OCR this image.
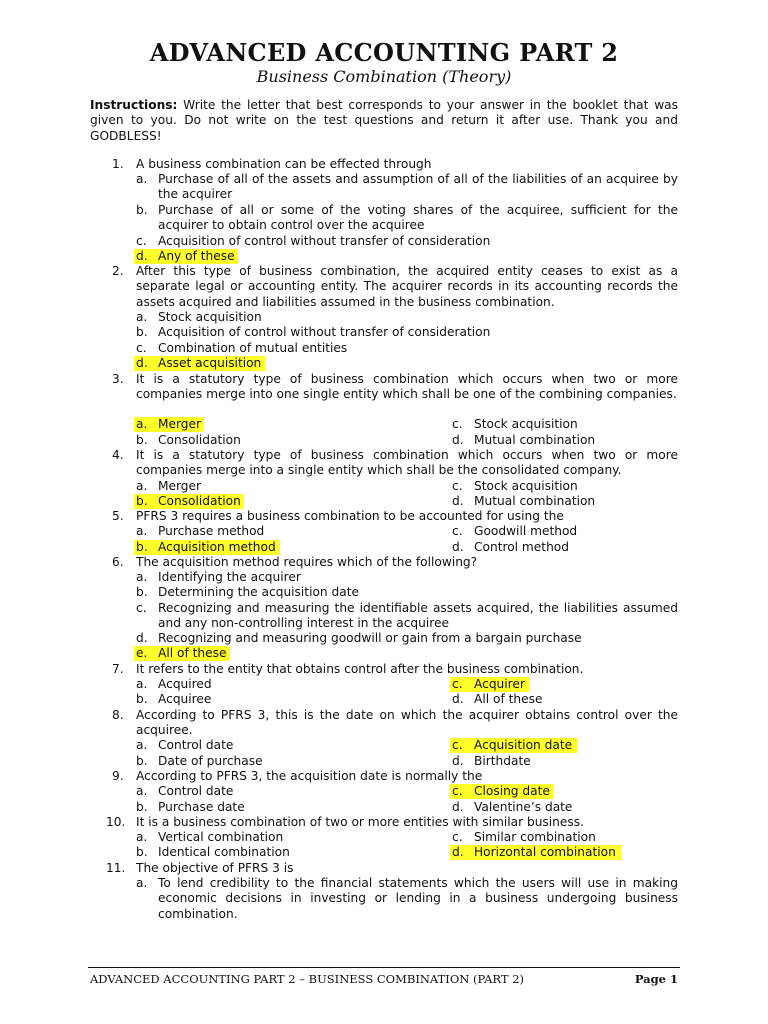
ADVANCED ACCOUNTING PART 2
Business Combination (Theory)
Instructions: Write the letter that best corresponds to your answer in the booklet that was given to you. Do not write on the test questions and return it after use. Thank you and GODBLESS!
1.	A business combination can be effected through
a. Purchase of all of the assets and assumption of all of the liabilities of an acquiree by the acquirer
b. Purchase of all or some of the voting shares of the acquiree, sufficient for the acquirer to obtain control over the acquiree
c. Acquisition of control without transfer of consideration
d. Any of these
2.	After this type of business combination, the acquired entity ceases to exist as a separate legal or accounting entity. The acquirer records in its accounting records the assets acquired and liabilities assumed in the business combination.
a. Stock acquisition
b. Acquisition of control without transfer of consideration
c. Combination of mutual entities
d. Asset acquisition
3.	It is a statutory type of business combination which occurs when two or more companies merge into one single entity which shall be one of the combining companies.
a. Merger	c. Stock acquisition
b. Consolidation	d. Mutual combination
4.	It is a statutory type of business combination which occurs when two or more companies merge into a single entity which shall be the consolidated company.
a. Merger	c. Stock acquisition
b. Consolidation	d. Mutual combination
5.	PFRS 3 requires a business combination to be accounted for using the
a. Purchase method	c. Goodwill method
b. Acquisition method	d. Control method
6.	The acquisition method requires which of the following?
a. Identifying the acquirer
b. Determining the acquisition date
c. Recognizing and measuring the identifiable assets acquired, the liabilities assumed and any non-controlling interest in the acquiree
d. Recognizing and measuring goodwill or gain from a bargain purchase
e. All of these
7.	It refers to the entity that obtains control after the business combination.
a. Acquired	c. Acquirer
b. Acquiree	d. All of these
8.	According to PFRS 3, this is the date on which the acquirer obtains control over the acquiree.
a. Control date	c. Acquisition date
b. Date of purchase	d. Birthdate
9.	According to PFRS 3, the acquisition date is normally the
a. Control date	c. Closing date
b. Purchase date	d. Valentine’s date
10. It is a business combination of two or more entities with similar business.
a. Vertical combination	c. Similar combination
b. Identical combination	d. Horizontal combination
11. The objective of PFRS 3 is
a. To lend credibility to the financial statements which the users will use in making economic decisions in investing or lending in a business undergoing business combination.
ADVANCED ACCOUNTING PART 2 – BUSINESS COMBINATION (PART 2)	Page 1
